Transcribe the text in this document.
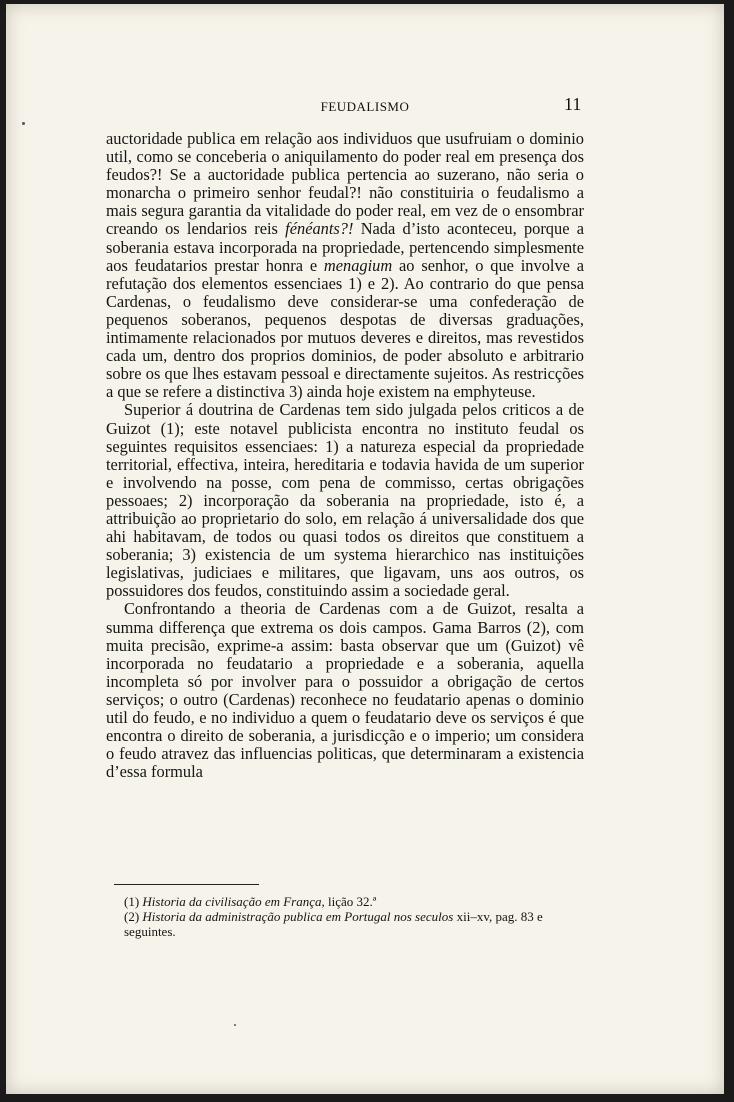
FEUDALISMO	11

auctoridade publica em relação aos individuos que usufruiam o dominio util, como se conceberia o aniquilamento do poder real em presença dos feudos?! Se a auctoridade publica pertencia ao suzerano, não seria o monarcha o primeiro senhor feudal?! não constituiria o feudalismo a mais segura garantia da vitalidade do poder real, em vez de o ensombrar creando os lendarios reis fénéants?! Nada d’isto aconteceu, porque a soberania estava incorporada na propriedade, pertencendo simplesmente aos feudatarios prestar honra e menagium ao senhor, o que involve a refutação dos elementos essenciaes 1) e 2). Ao contrario do que pensa Cardenas, o feudalismo deve considerar-se uma confederação de pequenos soberanos, pequenos despotas de diversas graduações, intimamente relacionados por mutuos deveres e direitos, mas revestidos cada um, dentro dos proprios dominios, de poder absoluto e arbitrario sobre os que lhes estavam pessoal e directamente sujeitos. As restricções a que se refere a distinctiva 3) ainda hoje existem na emphyteuse.

Superior á doutrina de Cardenas tem sido julgada pelos criticos a de Guizot (1); este notavel publicista encontra no instituto feudal os seguintes requisitos essenciaes: 1) a natureza especial da propriedade territorial, effectiva, inteira, hereditaria e todavia havida de um superior e involvendo na posse, com pena de commisso, certas obrigações pessoaes; 2) incorporação da soberania na propriedade, isto é, a attribuição ao proprietario do solo, em relação á universalidade dos que ahi habitavam, de todos ou quasi todos os direitos que constituem a soberania; 3) existencia de um systema hierarchico nas instituições legislativas, judiciaes e militares, que ligavam, uns aos outros, os possuidores dos feudos, constituindo assim a sociedade geral.

Confrontando a theoria de Cardenas com a de Guizot, resalta a summa differença que extrema os dois campos. Gama Barros (2), com muita precisão, exprime-a assim: basta observar que um (Guizot) vê incorporada no feudatario a propriedade e a soberania, aquella incompleta só por involver para o possuidor a obrigação de certos serviços; o outro (Cardenas) reconhece no feudatario apenas o dominio util do feudo, e no individuo a quem o feudatario deve os serviços é que encontra o direito de soberania, a jurisdicção e o imperio; um considera o feudo atravez das influencias politicas, que determinaram a existencia d’essa formula

(1) Historia da civilisação em França, lição 32.ª

(2) Historia da administração publica em Portugal nos seculos xii–xv, pag. 83 e seguintes.
